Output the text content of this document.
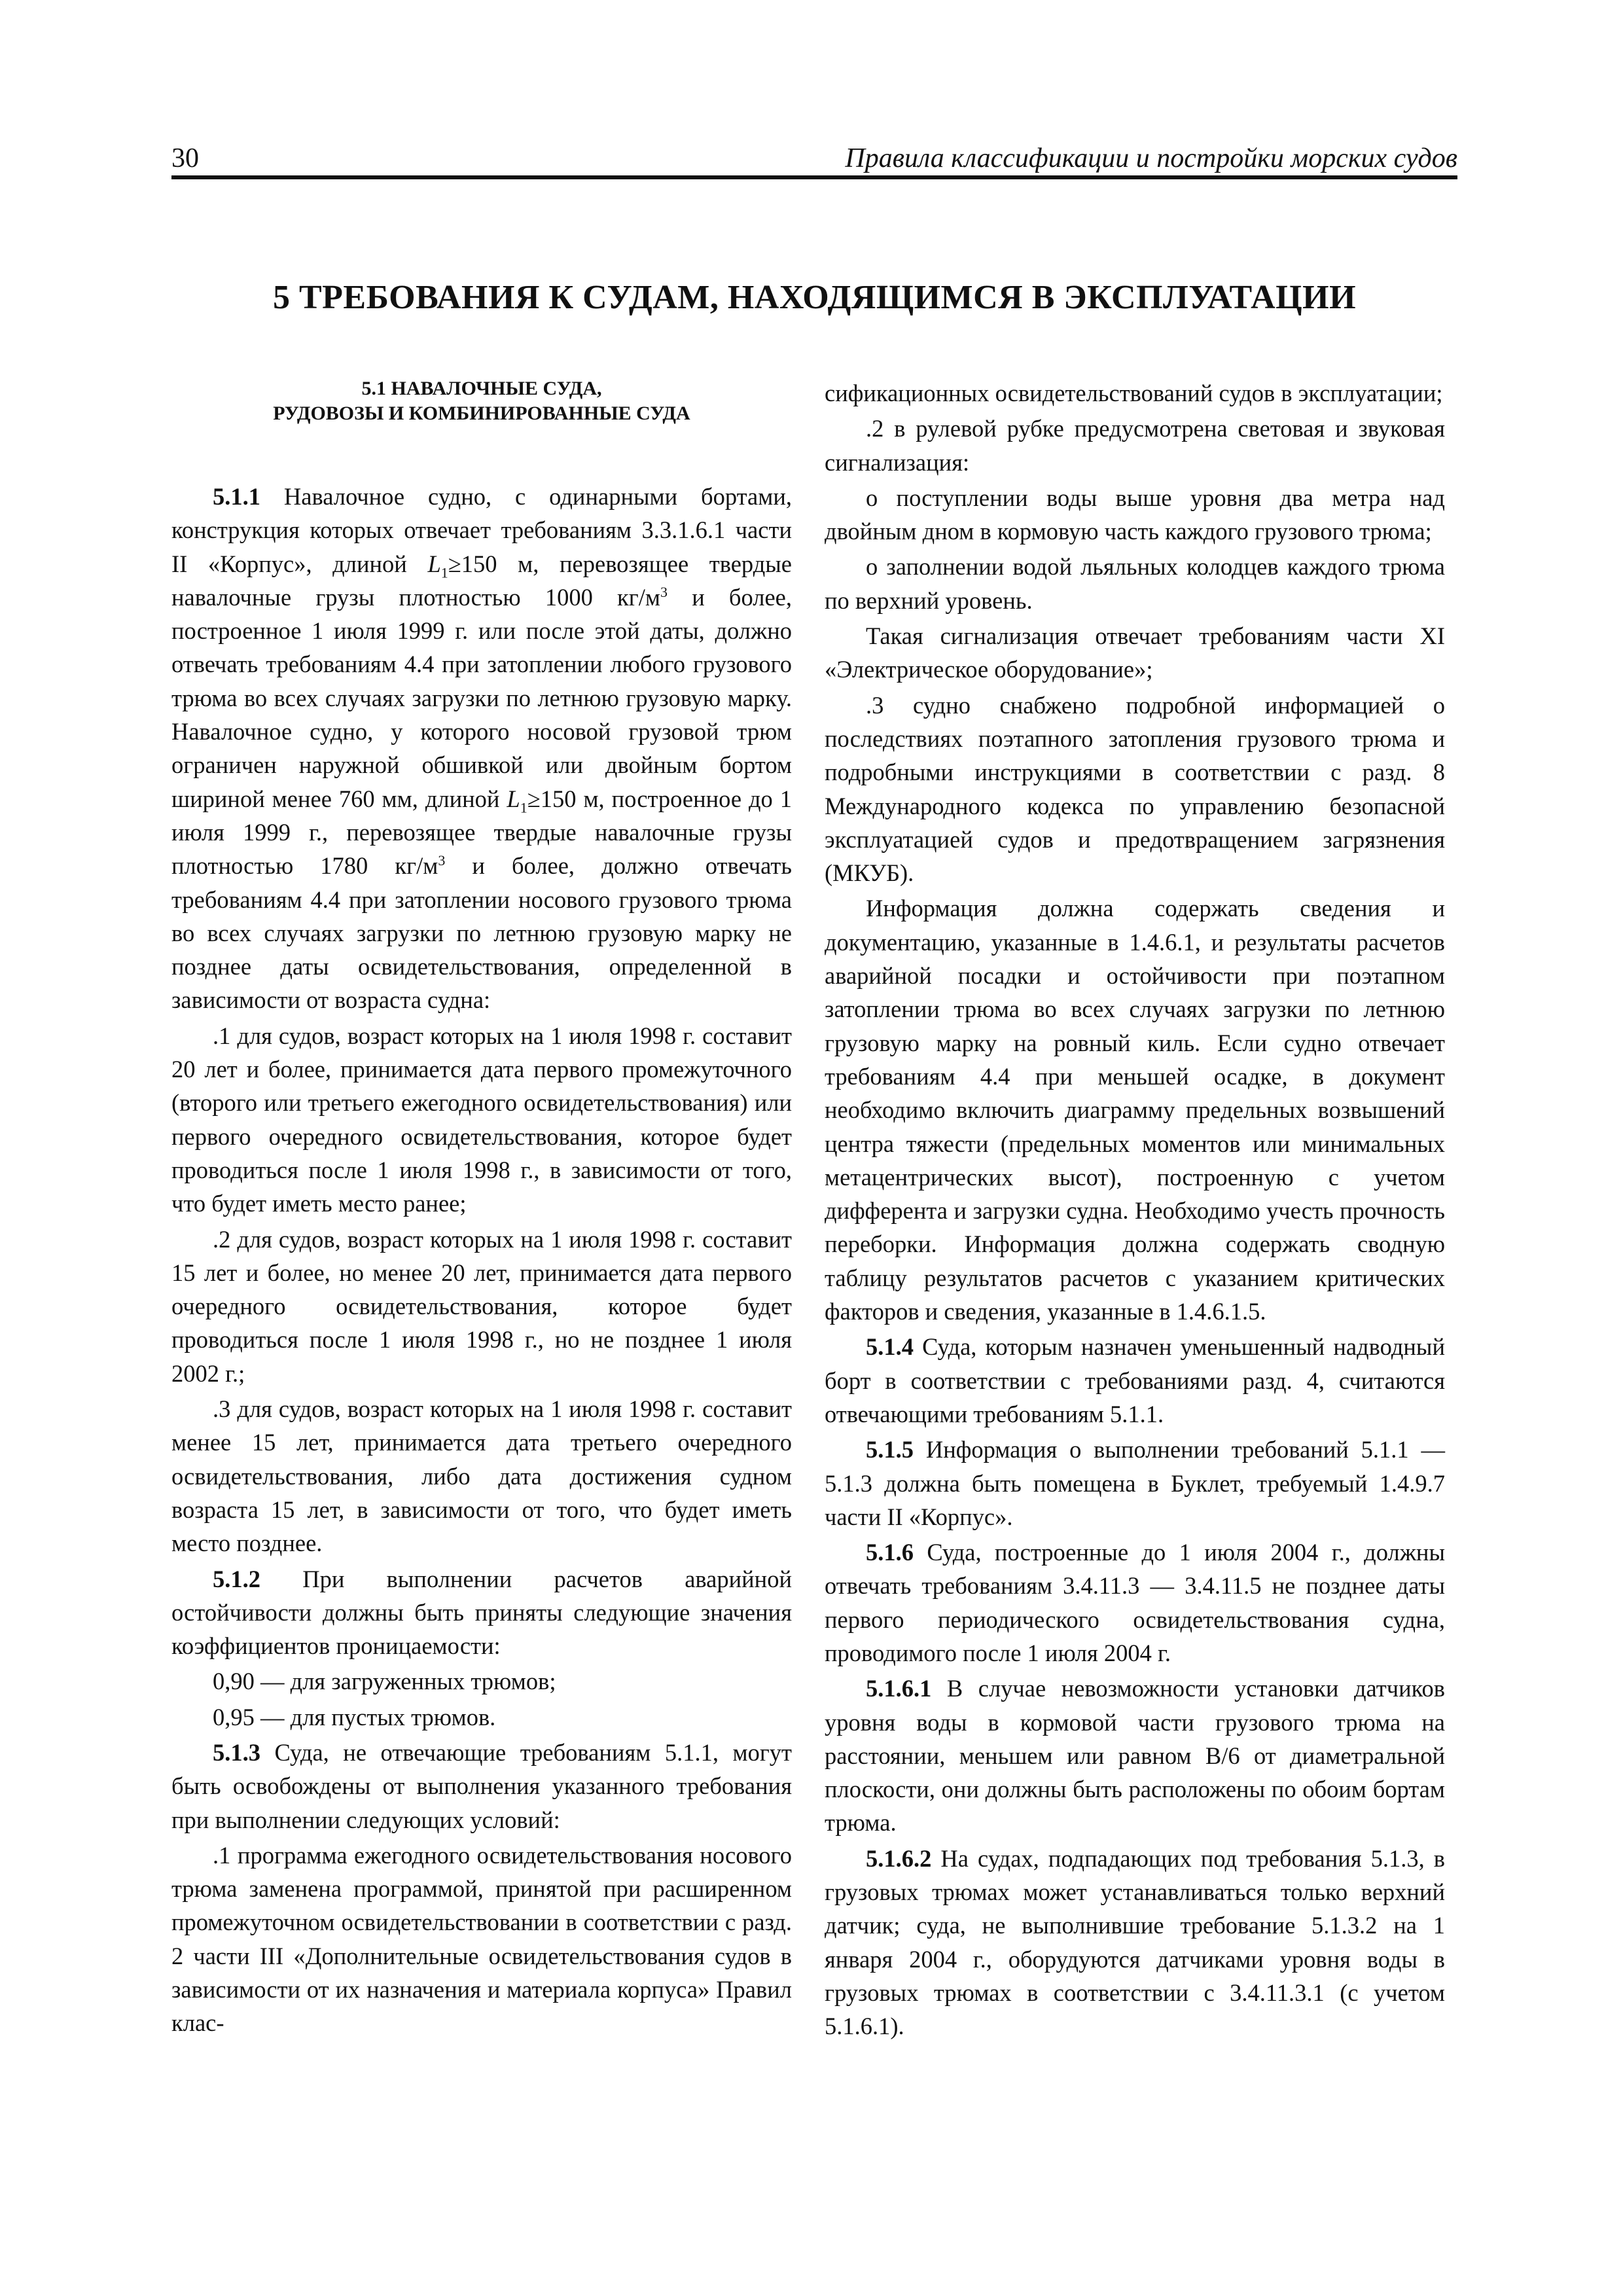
30	Правила классификации и постройки морских судов
5 ТРЕБОВАНИЯ К СУДАМ, НАХОДЯЩИМСЯ В ЭКСПЛУАТАЦИИ
5.1 НАВАЛОЧНЫЕ СУДА,
РУДОВОЗЫ И КОМБИНИРОВАННЫЕ СУДА

5.1.1 Навалочное судно, с одинарными бортами, конструкция которых отвечает требованиям 3.3.1.6.1 части II «Корпус», длиной $L_1\ge 150$ м, перевозящее твердые навалочные грузы плотностью 1000 $кг/м^3$ и более, построенное 1 июля 1999 г. или после этой даты, должно отвечать требованиям 4.4 при затоплении любого грузового трюма во всех случаях загрузки по летнюю грузовую марку. Навалочное судно, у которого носовой грузовой трюм ограничен наружной обшивкой или двойным бортом шириной менее 760 мм, длиной $L_1\ge 150$ м, построенное до 1 июля 1999 г., перевозящее твердые навалочные грузы плотностью 1780 $кг/м^3$ и более, должно отвечать требованиям 4.4 при затоплении носового грузового трюма во всех случаях загрузки по летнюю грузовую марку не позднее даты освидетельствования, определенной в зависимости от возраста судна:

.1 для судов, возраст которых на 1 июля 1998 г. составит 20 лет и более, принимается дата первого промежуточного (второго или третьего ежегодного освидетельствования) или первого очередного освидетельствования, которое будет проводиться после 1 июля 1998 г., в зависимости от того, что будет иметь место ранее;

.2 для судов, возраст которых на 1 июля 1998 г. составит 15 лет и более, но менее 20 лет, принимается дата первого очередного освидетельствования, которое будет проводиться после 1 июля 1998 г., но не позднее 1 июля 2002 г.;

.3 для судов, возраст которых на 1 июля 1998 г. составит менее 15 лет, принимается дата третьего очередного освидетельствования, либо дата достижения судном возраста 15 лет, в зависимости от того, что будет иметь место позднее.

5.1.2 При выполнении расчетов аварийной остойчивости должны быть приняты следующие значения коэффициентов проницаемости:

0,90 — для загруженных трюмов;

0,95 — для пустых трюмов.

5.1.3 Суда, не отвечающие требованиям 5.1.1, могут быть освобождены от выполнения указанного требования при выполнении следующих условий:

.1 программа ежегодного освидетельствования носового трюма заменена программой, принятой при расширенном промежуточном освидетельствовании в соответствии с разд. 2 части III «Дополнительные освидетельствования судов в зависимости от их назначения и материала корпуса» Правил клас-

сификационных освидетельствований судов в эксплуатации;

.2 в рулевой рубке предусмотрена световая и звуковая сигнализация:

о поступлении воды выше уровня два метра над двойным дном в кормовую часть каждого грузового трюма;

о заполнении водой льяльных колодцев каждого трюма по верхний уровень.

Такая сигнализация отвечает требованиям части XI «Электрическое оборудование»;

.3 судно снабжено подробной информацией о последствиях поэтапного затопления грузового трюма и подробными инструкциями в соответствии с разд. 8 Международного кодекса по управлению безопасной эксплуатацией судов и предотвращением загрязнения (МКУБ).

Информация должна содержать сведения и документацию, указанные в 1.4.6.1, и результаты расчетов аварийной посадки и остойчивости при поэтапном затоплении трюма во всех случаях загрузки по летнюю грузовую марку на ровный киль. Если судно отвечает требованиям 4.4 при меньшей осадке, в документ необходимо включить диаграмму предельных возвышений центра тяжести (предельных моментов или минимальных метацентрических высот), построенную с учетом дифферента и загрузки судна. Необходимо учесть прочность переборки. Информация должна содержать сводную таблицу результатов расчетов с указанием критических факторов и сведения, указанные в 1.4.6.1.5.

5.1.4 Суда, которым назначен уменьшенный надводный борт в соответствии с требованиями разд. 4, считаются отвечающими требованиям 5.1.1.

5.1.5 Информация о выполнении требований 5.1.1 — 5.1.3 должна быть помещена в Буклет, требуемый 1.4.9.7 части II «Корпус».

5.1.6 Суда, построенные до 1 июля 2004 г., должны отвечать требованиям 3.4.11.3 — 3.4.11.5 не позднее даты первого периодического освидетельствования судна, проводимого после 1 июля 2004 г.

5.1.6.1 В случае невозможности установки датчиков уровня воды в кормовой части грузового трюма на расстоянии, меньшем или равном B/6 от диаметральной плоскости, они должны быть расположены по обоим бортам трюма.

5.1.6.2 На судах, подпадающих под требования 5.1.3, в грузовых трюмах может устанавливаться только верхний датчик; суда, не выполнившие требование 5.1.3.2 на 1 января 2004 г., оборудуются датчиками уровня воды в грузовых трюмах в соответствии с 3.4.11.3.1 (с учетом 5.1.6.1).
